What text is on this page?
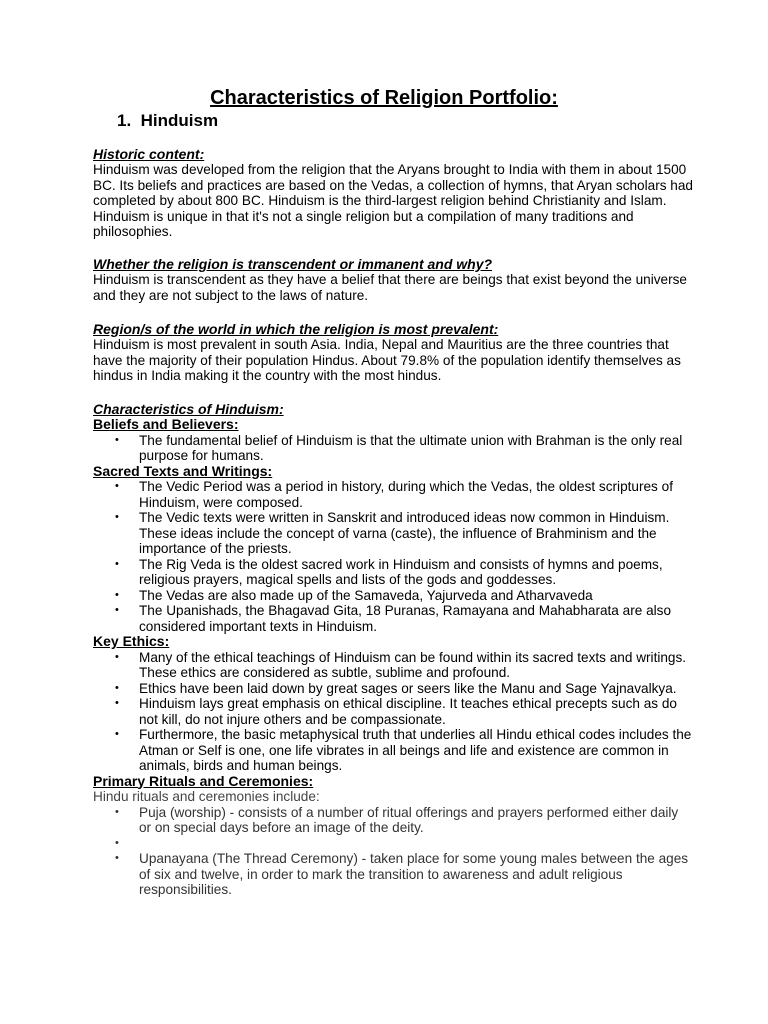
Characteristics of Religion Portfolio:
1. Hinduism

Historic content:

Hinduism was developed from the religion that the Aryans brought to India with them in about 1500 BC. Its beliefs and practices are based on the Vedas, a collection of hymns, that Aryan scholars had completed by about 800 BC. Hinduism is the third-largest religion behind Christianity and Islam. Hinduism is unique in that it's not a single religion but a compilation of many traditions and philosophies.

Whether the religion is transcendent or immanent and why?

Hinduism is transcendent as they have a belief that there are beings that exist beyond the universe and they are not subject to the laws of nature.

Region/s of the world in which the religion is most prevalent:

Hinduism is most prevalent in south Asia. India, Nepal and Mauritius are the three countries that have the majority of their population Hindus. About 79.8% of the population identify themselves as hindus in India making it the country with the most hindus.

Characteristics of Hinduism:

Beliefs and Believers:

• The fundamental belief of Hinduism is that the ultimate union with Brahman is the only real purpose for humans.

Sacred Texts and Writings:

• The Vedic Period was a period in history, during which the Vedas, the oldest scriptures of Hinduism, were composed.
• The Vedic texts were written in Sanskrit and introduced ideas now common in Hinduism. These ideas include the concept of varna (caste), the influence of Brahminism and the importance of the priests.
• The Rig Veda is the oldest sacred work in Hinduism and consists of hymns and poems, religious prayers, magical spells and lists of the gods and goddesses.
• The Vedas are also made up of the Samaveda, Yajurveda and Atharvaveda
• The Upanishads, the Bhagavad Gita, 18 Puranas, Ramayana and Mahabharata are also considered important texts in Hinduism.

Key Ethics:

• Many of the ethical teachings of Hinduism can be found within its sacred texts and writings. These ethics are considered as subtle, sublime and profound.
• Ethics have been laid down by great sages or seers like the Manu and Sage Yajnavalkya.
• Hinduism lays great emphasis on ethical discipline. It teaches ethical precepts such as do not kill, do not injure others and be compassionate.
• Furthermore, the basic metaphysical truth that underlies all Hindu ethical codes includes the Atman or Self is one, one life vibrates in all beings and life and existence are common in animals, birds and human beings.

Primary Rituals and Ceremonies:

Hindu rituals and ceremonies include:

• Puja (worship) - consists of a number of ritual offerings and prayers performed either daily or on special days before an image of the deity.
•
• Upanayana (The Thread Ceremony) - taken place for some young males between the ages of six and twelve, in order to mark the transition to awareness and adult religious responsibilities.
